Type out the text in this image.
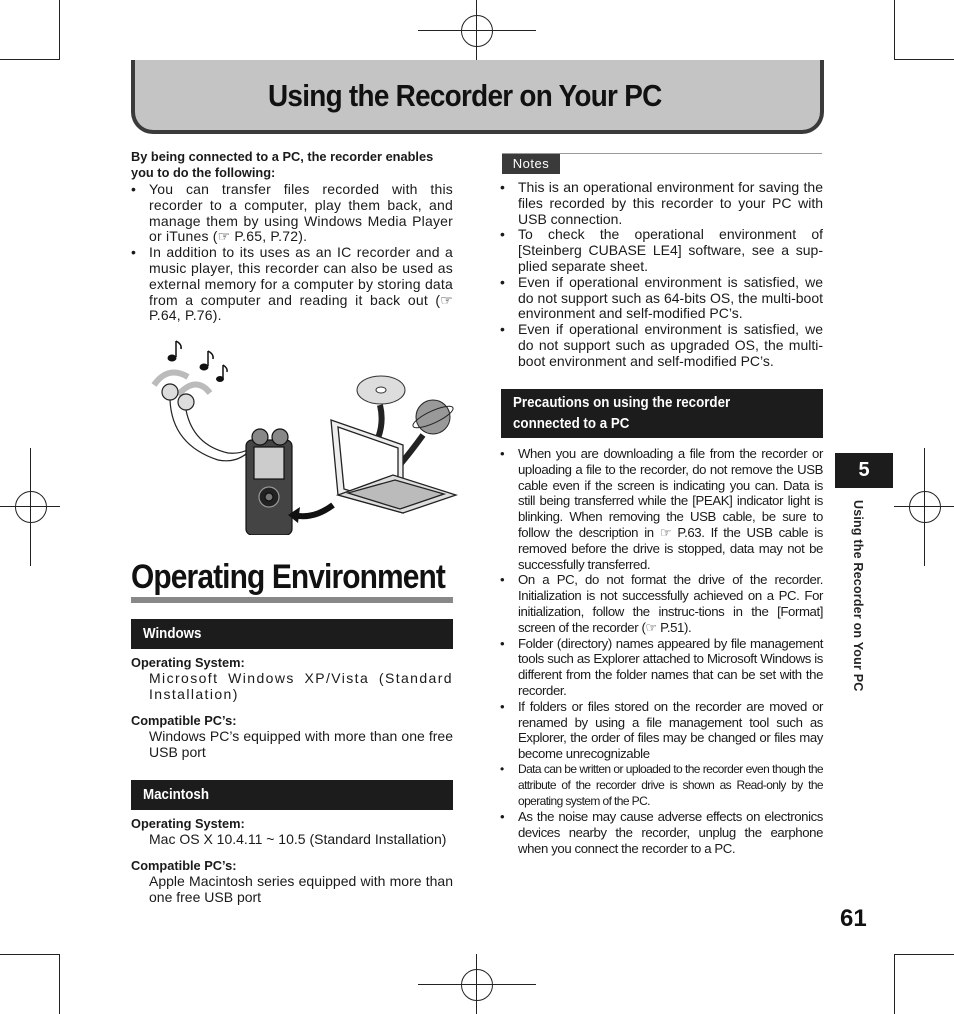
Using the Recorder on Your PC
By being connected to a PC, the recorder enables you to do the following:
• You can transfer files recorded with this recorder to a computer, play them back, and manage them by using Windows Media Player or iTunes (☞ P.65, P.72).
• In addition to its uses as an IC recorder and a music player, this recorder can also be used as external memory for a computer by storing data from a computer and reading it back out (☞ P.64, P.76).
Operating Environment
Windows
Operating System:
Microsoft Windows XP/Vista (Standard Installation)
Compatible PC’s:
Windows PC’s equipped with more than one free USB port
Macintosh
Operating System:
Mac OS X 10.4.11 ~ 10.5 (Standard Installation)
Compatible PC’s:
Apple Macintosh series equipped with more than one free USB port
Notes
• This is an operational environment for saving the files recorded by this recorder to your PC with USB connection.
• To check the operational environment of [Steinberg CUBASE LE4] software, see a sup-plied separate sheet.
• Even if operational environment is satisfied, we do not support such as 64-bits OS, the multi-boot environment and self-modified PC’s.
• Even if operational environment is satisfied, we do not support such as upgraded OS, the multi-boot environment and self-modified PC’s.
Precautions on using the recorder
connected to a PC
• When you are downloading a file from the recorder or uploading a file to the recorder, do not remove the USB cable even if the screen is indicating you can. Data is still being transferred while the [PEAK] indicator light is blinking. When removing the USB cable, be sure to follow the description in ☞ P.63. If the USB cable is removed before the drive is stopped, data may not be successfully transferred.
• On a PC, do not format the drive of the recorder. Initialization is not successfully achieved on a PC. For initialization, follow the instruc-tions in the [Format] screen of the recorder (☞ P.51).
• Folder (directory) names appeared by file management tools such as Explorer attached to Microsoft Windows is different from the folder names that can be set with the recorder.
• If folders or files stored on the recorder are moved or renamed by using a file management tool such as Explorer, the order of files may be changed or files may become unrecognizable
• Data can be written or uploaded to the recorder even though the attribute of the recorder drive is shown as Read-only by the operating system of the PC.
• As the noise may cause adverse effects on electronics devices nearby the recorder, unplug the earphone when you connect the recorder to a PC.
5
Using the Recorder on Your PC
61
